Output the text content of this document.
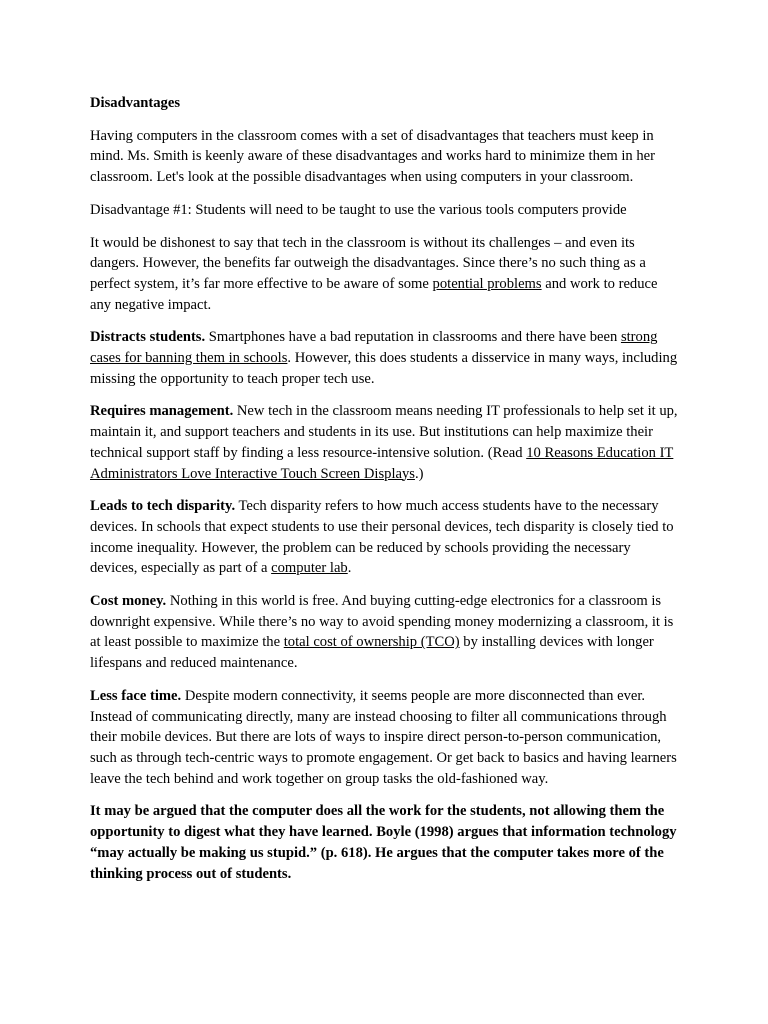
Disadvantages

Having computers in the classroom comes with a set of disadvantages that teachers must keep in mind. Ms. Smith is keenly aware of these disadvantages and works hard to minimize them in her classroom. Let's look at the possible disadvantages when using computers in your classroom.

Disadvantage #1: Students will need to be taught to use the various tools computers provide

It would be dishonest to say that tech in the classroom is without its challenges – and even its dangers. However, the benefits far outweigh the disadvantages. Since there’s no such thing as a perfect system, it’s far more effective to be aware of some potential problems and work to reduce any negative impact.

Distracts students. Smartphones have a bad reputation in classrooms and there have been strong cases for banning them in schools. However, this does students a disservice in many ways, including missing the opportunity to teach proper tech use.

Requires management. New tech in the classroom means needing IT professionals to help set it up, maintain it, and support teachers and students in its use. But institutions can help maximize their technical support staff by finding a less resource-intensive solution. (Read 10 Reasons Education IT Administrators Love Interactive Touch Screen Displays.)

Leads to tech disparity. Tech disparity refers to how much access students have to the necessary devices. In schools that expect students to use their personal devices, tech disparity is closely tied to income inequality. However, the problem can be reduced by schools providing the necessary devices, especially as part of a computer lab.

Cost money. Nothing in this world is free. And buying cutting-edge electronics for a classroom is downright expensive. While there’s no way to avoid spending money modernizing a classroom, it is at least possible to maximize the total cost of ownership (TCO) by installing devices with longer lifespans and reduced maintenance.

Less face time. Despite modern connectivity, it seems people are more disconnected than ever. Instead of communicating directly, many are instead choosing to filter all communications through their mobile devices. But there are lots of ways to inspire direct person-to-person communication, such as through tech-centric ways to promote engagement. Or get back to basics and having learners leave the tech behind and work together on group tasks the old-fashioned way.

It may be argued that the computer does all the work for the students, not allowing them the opportunity to digest what they have learned. Boyle (1998) argues that information technology “may actually be making us stupid.” (p. 618). He argues that the computer takes more of the thinking process out of students.
